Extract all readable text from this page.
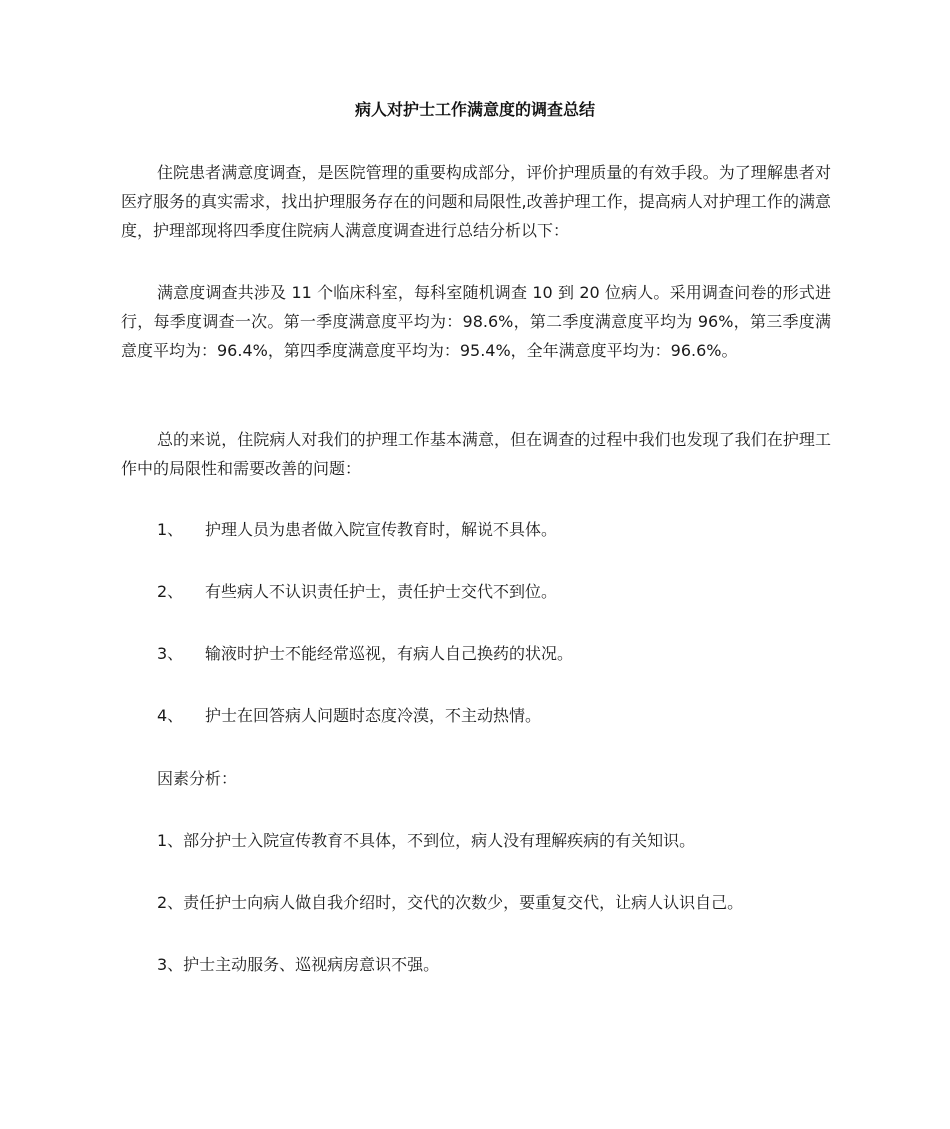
病人对护士工作满意度的调查总结

住院患者满意度调查，是医院管理的重要构成部分，评价护理质量的有效手段。为了理解患者对医疗服务的真实需求，找出护理服务存在的问题和局限性,改善护理工作，提高病人对护理工作的满意度，护理部现将四季度住院病人满意度调查进行总结分析以下：

满意度调查共涉及 11 个临床科室，每科室随机调查 10 到 20 位病人。采用调查问卷的形式进行，每季度调查一次。第一季度满意度平均为：98.6%，第二季度满意度平均为 96%，第三季度满意度平均为：96.4%，第四季度满意度平均为：95.4%，全年满意度平均为：96.6%。

总的来说，住院病人对我们的护理工作基本满意，但在调查的过程中我们也发现了我们在护理工作中的局限性和需要改善的问题：

1、 护理人员为患者做入院宣传教育时，解说不具体。
2、 有些病人不认识责任护士，责任护士交代不到位。
3、 输液时护士不能经常巡视，有病人自己换药的状况。
4、 护士在回答病人问题时态度冷漠，不主动热情。
因素分析：
1、部分护士入院宣传教育不具体，不到位，病人没有理解疾病的有关知识。
2、责任护士向病人做自我介绍时，交代的次数少，要重复交代，让病人认识自己。
3、护士主动服务、巡视病房意识不强。
